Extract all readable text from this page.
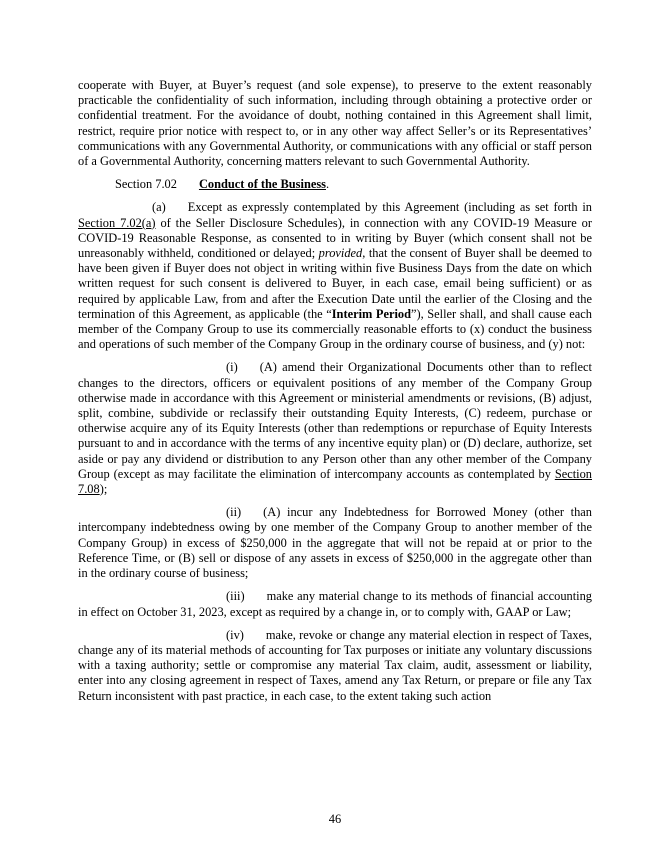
cooperate with Buyer, at Buyer’s request (and sole expense), to preserve to the extent reasonably practicable the confidentiality of such information, including through obtaining a protective order or confidential treatment. For the avoidance of doubt, nothing contained in this Agreement shall limit, restrict, require prior notice with respect to, or in any other way affect Seller’s or its Representatives’ communications with any Governmental Authority, or communications with any official or staff person of a Governmental Authority, concerning matters relevant to such Governmental Authority.

Section 7.02 Conduct of the Business.

(a) Except as expressly contemplated by this Agreement (including as set forth in Section 7.02(a) of the Seller Disclosure Schedules), in connection with any COVID-19 Measure or COVID-19 Reasonable Response, as consented to in writing by Buyer (which consent shall not be unreasonably withheld, conditioned or delayed; provided, that the consent of Buyer shall be deemed to have been given if Buyer does not object in writing within five Business Days from the date on which written request for such consent is delivered to Buyer, in each case, email being sufficient) or as required by applicable Law, from and after the Execution Date until the earlier of the Closing and the termination of this Agreement, as applicable (the “Interim Period”), Seller shall, and shall cause each member of the Company Group to use its commercially reasonable efforts to (x) conduct the business and operations of such member of the Company Group in the ordinary course of business, and (y) not:

(i) (A) amend their Organizational Documents other than to reflect changes to the directors, officers or equivalent positions of any member of the Company Group otherwise made in accordance with this Agreement or ministerial amendments or revisions, (B) adjust, split, combine, subdivide or reclassify their outstanding Equity Interests, (C) redeem, purchase or otherwise acquire any of its Equity Interests (other than redemptions or repurchase of Equity Interests pursuant to and in accordance with the terms of any incentive equity plan) or (D) declare, authorize, set aside or pay any dividend or distribution to any Person other than any other member of the Company Group (except as may facilitate the elimination of intercompany accounts as contemplated by Section 7.08);

(ii) (A) incur any Indebtedness for Borrowed Money (other than intercompany indebtedness owing by one member of the Company Group to another member of the Company Group) in excess of $250,000 in the aggregate that will not be repaid at or prior to the Reference Time, or (B) sell or dispose of any assets in excess of $250,000 in the aggregate other than in the ordinary course of business;

(iii) make any material change to its methods of financial accounting in effect on October 31, 2023, except as required by a change in, or to comply with, GAAP or Law;

(iv) make, revoke or change any material election in respect of Taxes, change any of its material methods of accounting for Tax purposes or initiate any voluntary discussions with a taxing authority; settle or compromise any material Tax claim, audit, assessment or liability, enter into any closing agreement in respect of Taxes, amend any Tax Return, or prepare or file any Tax Return inconsistent with past practice, in each case, to the extent taking such action

46
